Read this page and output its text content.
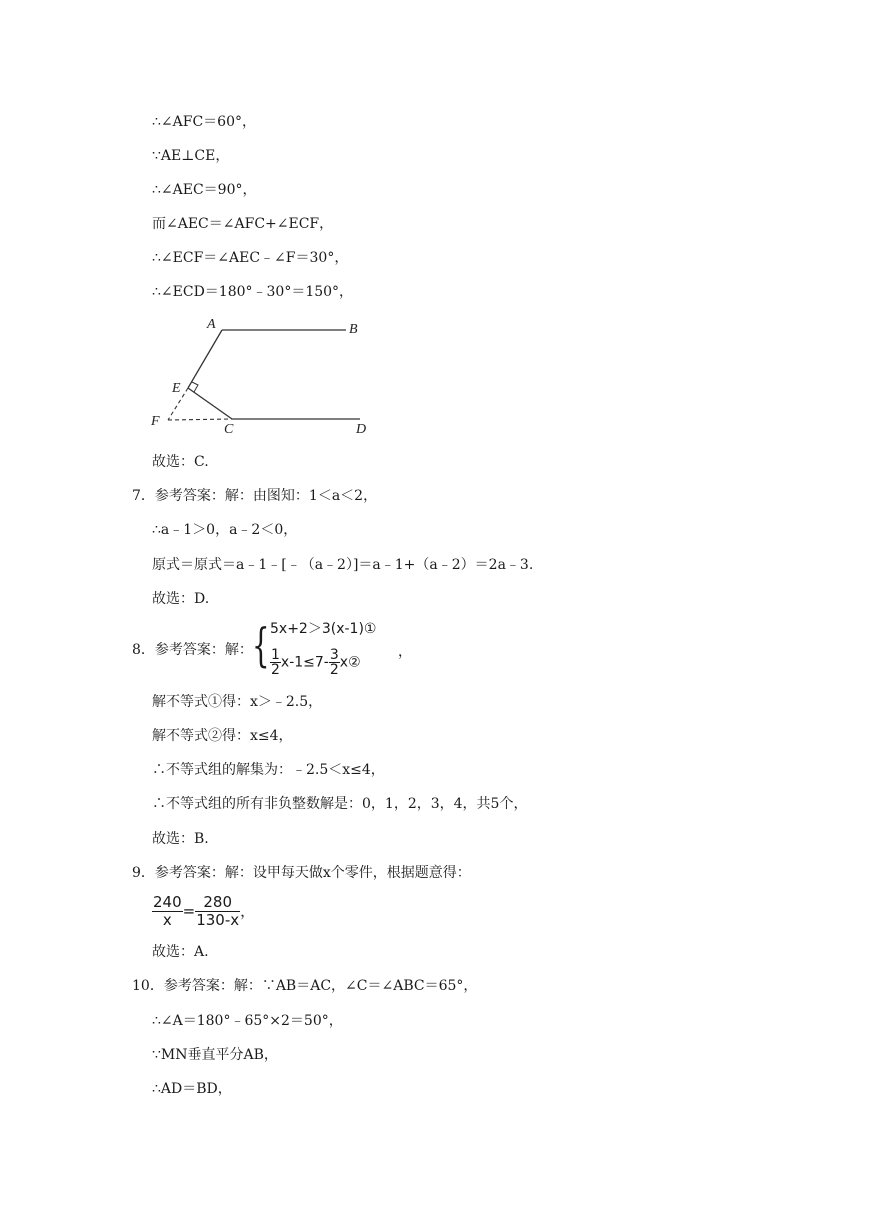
∴∠AFC＝60°，
∵AE⊥CE，
∴∠AEC＝90°，
而∠AEC＝∠AFC+∠ECF，
∴∠ECF＝∠AEC﹣∠F＝30°，
∴∠ECD＝180°﹣30°＝150°，
A	B
E
F
C	D
故选：C.
7．参考答案：解：由图知：1＜a＜2，
∴a﹣1＞0，a﹣2＜0，
原式＝原式＝a﹣1﹣[﹣（a﹣2）]＝a﹣1+（a﹣2）＝2a﹣3.
故选：D.
8．参考答案：解： { 5x+2＞3(x-1)①
$\frac{1}{2} x-1\le 7- \frac{3}{2}$ x②
，
解不等式①得：x＞﹣2.5，
解不等式②得：x≤4，
∴不等式组的解集为：﹣2.5＜x≤4，
∴不等式组的所有非负整数解是：0，1，2，3，4，共5个，
故选：B.
9．参考答案：解：设甲每天做x个零件，根据题意得：
$\frac{240}{x} = \frac{280}{130-x}$ ，
故选：A.
10．参考答案：解：∵AB＝AC，∠C＝∠ABC＝65°，
∴∠A＝180°﹣65°×2＝50°，
∵MN垂直平分AB，
∴AD＝BD，
